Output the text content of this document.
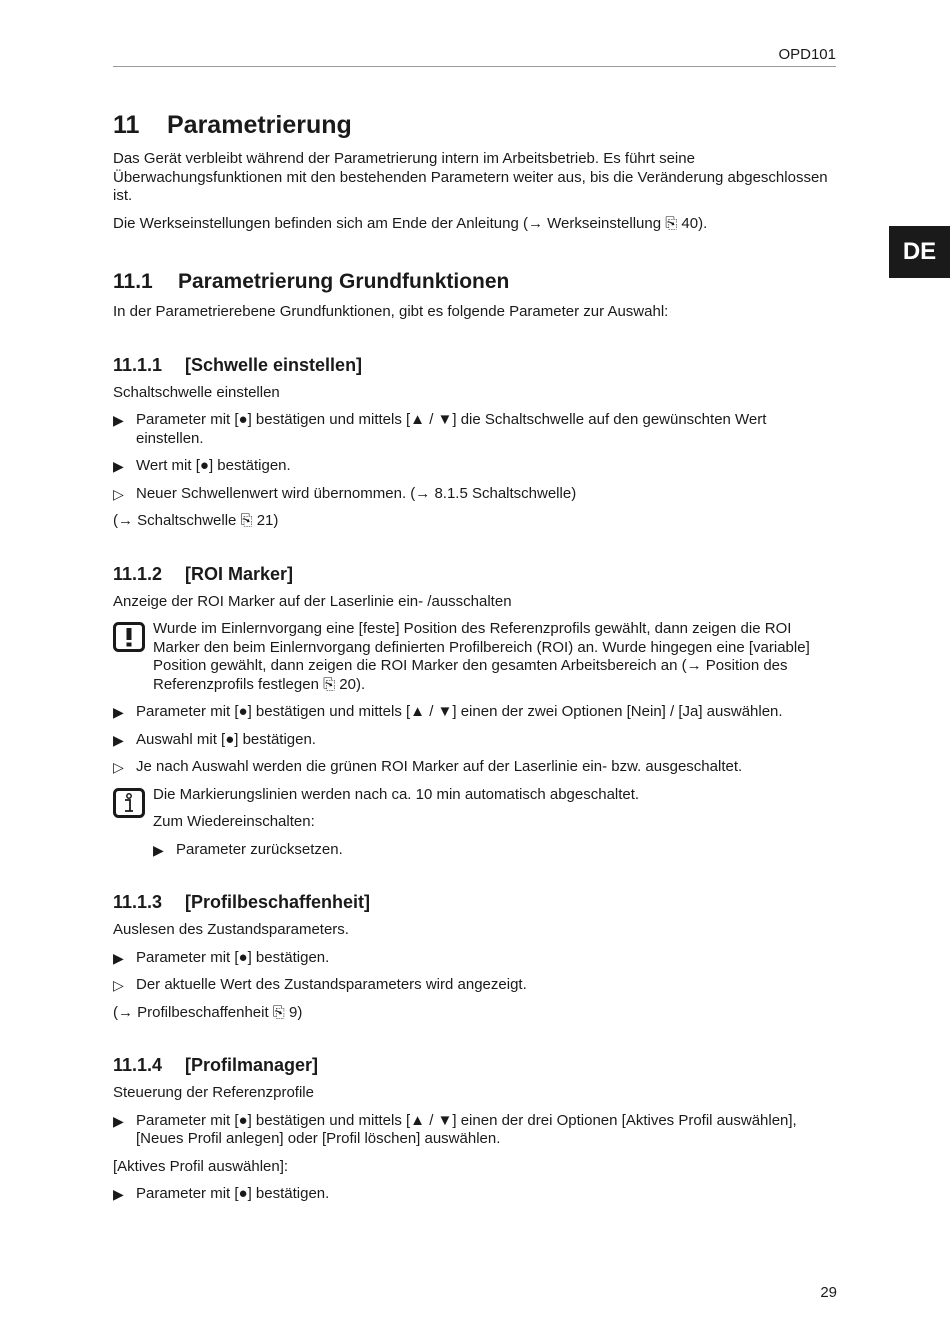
OPD101
DE
11 Parametrierung

Das Gerät verbleibt während der Parametrierung intern im Arbeitsbetrieb. Es führt seine Überwachungsfunktionen mit den bestehenden Parametern weiter aus, bis die Veränderung abgeschlossen ist.

Die Werkseinstellungen befinden sich am Ende der Anleitung (→ Werkseinstellung ⎘ 40).

11.1 Parametrierung Grundfunktionen

In der Parametrierebene Grundfunktionen, gibt es folgende Parameter zur Auswahl:

11.1.1 [Schwelle einstellen]

Schaltschwelle einstellen

▶ Parameter mit [●] bestätigen und mittels [▲ / ▼] die Schaltschwelle auf den gewünschten Wert einstellen.
▶ Wert mit [●] bestätigen.
▷ Neuer Schwellenwert wird übernommen. (→ 8.1.5 Schaltschwelle)

(→ Schaltschwelle ⎘ 21)

11.1.2 [ROI Marker]

Anzeige der ROI Marker auf der Laserlinie ein- /ausschalten

Wurde im Einlernvorgang eine [feste] Position des Referenzprofils gewählt, dann zeigen die ROI Marker den beim Einlernvorgang definierten Profilbereich (ROI) an. Wurde hingegen eine [variable] Position gewählt, dann zeigen die ROI Marker den gesamten Arbeitsbereich an (→ Position des Referenzprofils festlegen ⎘ 20).

▶ Parameter mit [●] bestätigen und mittels [▲ / ▼] einen der zwei Optionen [Nein] / [Ja] auswählen.
▶ Auswahl mit [●] bestätigen.
▷ Je nach Auswahl werden die grünen ROI Marker auf der Laserlinie ein- bzw. ausgeschaltet.

Die Markierungslinien werden nach ca. 10 min automatisch abgeschaltet.

Zum Wiedereinschalten:

▶ Parameter zurücksetzen.
11.1.3 [Profilbeschaffenheit]

Auslesen des Zustandsparameters.

▶ Parameter mit [●] bestätigen.
▷ Der aktuelle Wert des Zustandsparameters wird angezeigt.

(→ Profilbeschaffenheit ⎘ 9)

11.1.4 [Profilmanager]

Steuerung der Referenzprofile

▶ Parameter mit [●] bestätigen und mittels [▲ / ▼] einen der drei Optionen [Aktives Profil auswählen], [Neues Profil anlegen] oder [Profil löschen] auswählen.

[Aktives Profil auswählen]:

▶ Parameter mit [●] bestätigen.
29
